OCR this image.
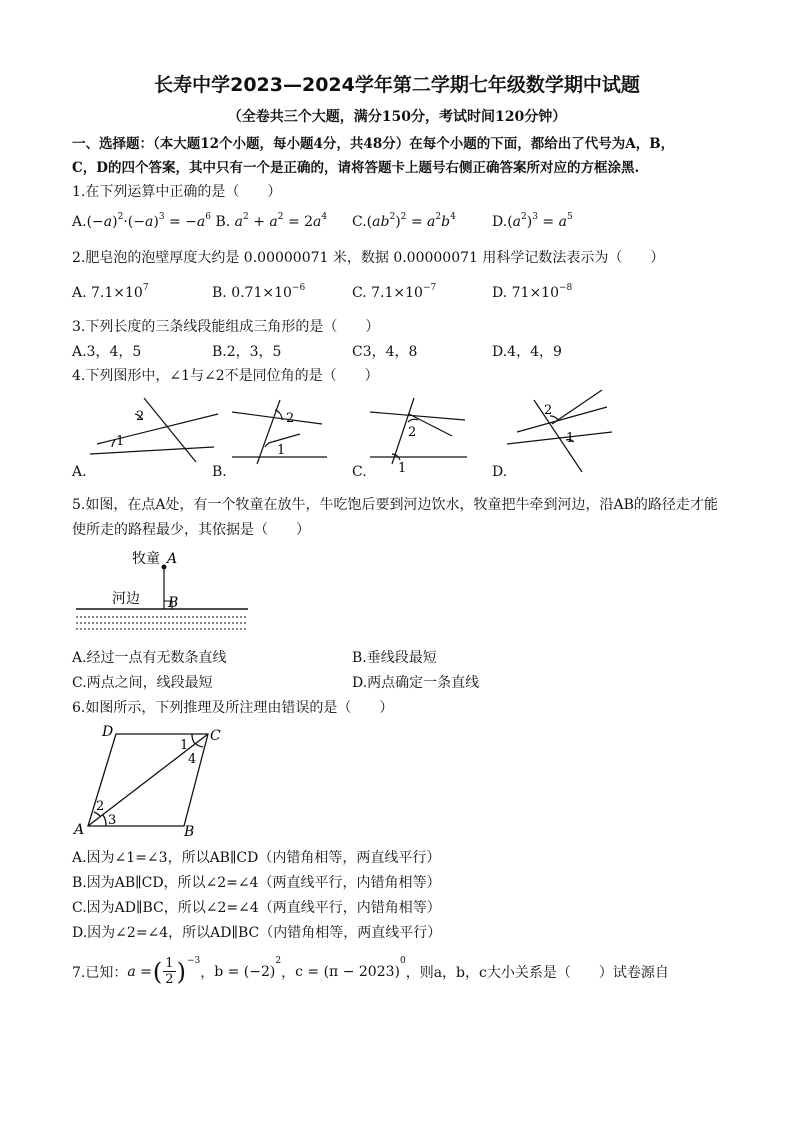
长寿中学2023—2024学年第二学期七年级数学期中试题
（全卷共三个大题，满分150分，考试时间120分钟）
一、选择题：（本大题12个小题，每小题4分，共48分）在每个小题的下面，都给出了代号为A，B，
C，D的四个答案，其中只有一个是正确的，请将答题卡上题号右侧正确答案所对应的方框涂黑.
1.在下列运算中正确的是（　　）
$A.(-a)^2\cdot(-a)^3 = -a^6$ B. $a^2 + a^2 = 2a^4$ $C.(ab^2)^2 = a^2b^4$	$D.(a^2)^3 = a^5$
2.肥皂泡的泡壁厚度大约是 0.00000071 米，数据 0.00000071 用科学记数法表示为（　　）
A. $7.1\times 10^7$	B. $0.71\times 10^{-6}$	C. $7.1\times 10^{-7}$	D. $71\times 10^{-8}$
3.下列长度的三条线段能组成三角形的是（　　）
A.3，4，5	B.2，3，5	C3，4，8	D.4，4，9
4.下列图形中，∠1与∠2不是同位角的是（　　）
1
2	2
1
2
1
2
1
A.	B.	C.	D.
5.如图，在点A处，有一个牧童在放牛，牛吃饱后要到河边饮水，牧童把牛牵到河边，沿AB的路径走才能
使所走的路程最少，其依据是（　　）
牧童 A
河边 B
A.经过一点有无数条直线	B.垂线段最短
C.两点之间，线段最短	D.两点确定一条直线
6.如图所示，下列推理及所注理由错误的是（　　）
D	C
A	B
1
4
2
3
A.因为∠1=∠3，所以AB∥CD（内错角相等，两直线平行）
B.因为AB∥CD，所以∠2=∠4（两直线平行，内错角相等）
C.因为AD∥BC，所以∠2=∠4（两直线平行，内错角相等）
D.因为∠2=∠4，所以AD∥BC（内错角相等，两直线平行）
7.已知： a = ( $\frac{1}{2} )^{-3}$
， b = (−2)
$^2$
， c = (π − 2023)
$^0$
，则a，b，c大小关系是（　　）试卷源自
